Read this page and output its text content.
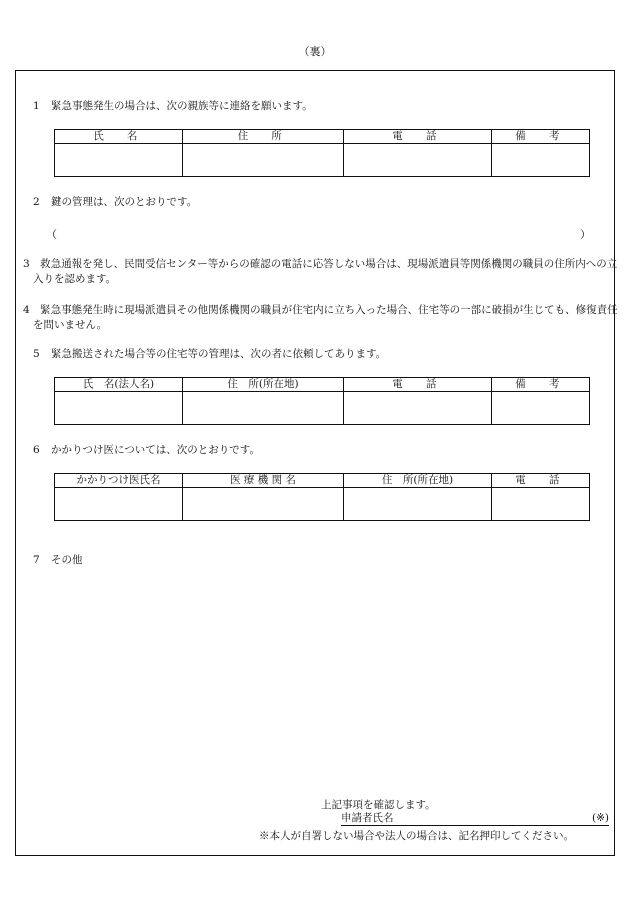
（裏）
1 緊急事態発生の場合は、次の親族等に連絡を願います。
氏　名	住　所	電　話	備　考

2 鍵の管理は、次のとおりです。
（	）
3　救急通報を発し、民間受信センター等からの確認の電話に応答しない場合は、現場派遣員等関係機関の職員の住所内への立入りを認めます。
4　緊急事態発生時に現場派遣員その他関係機関の職員が住宅内に立ち入った場合、住宅等の一部に破損が生じても、修復責任を問いません。
5 緊急搬送された場合等の住宅等の管理は、次の者に依頼してあります。
氏　名(法人名)	住　所(所在地)	電　話	備　考

6 かかりつけ医については、次のとおりです。
かかりつけ医氏名	医 療 機 関 名	住　所(所在地)	電　話

7 その他
上記事項を確認します。
申請者氏名	(※)
※本人が自署しない場合や法人の場合は、記名押印してください。
